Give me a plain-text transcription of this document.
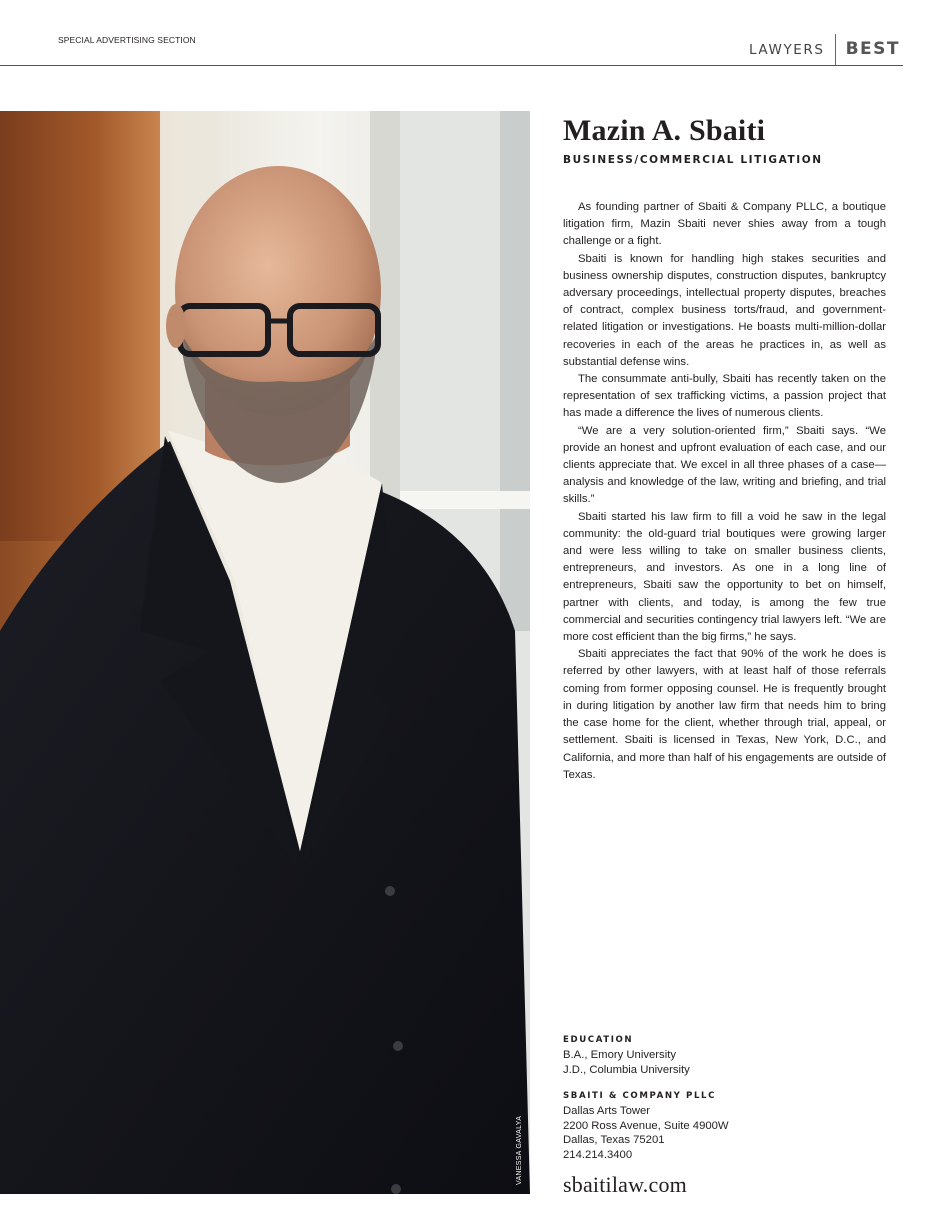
SPECIAL ADVERTISING SECTION
LAWYERS	BEST
VANESSA GAVALYA
Mazin A. Sbaiti
BUSINESS/COMMERCIAL LITIGATION

As founding partner of Sbaiti & Company PLLC, a boutique litigation firm, Mazin Sbaiti never shies away from a tough challenge or a fight.

Sbaiti is known for handling high stakes securities and business ownership disputes, construction disputes, bankruptcy adversary proceedings, intellectual property disputes, breaches of contract, complex business torts/fraud, and government-related litigation or investigations. He boasts multi-million-dollar recoveries in each of the areas he practices in, as well as substantial defense wins.

The consummate anti-bully, Sbaiti has recently taken on the representation of sex trafficking victims, a passion project that has made a difference the lives of numerous clients.

“We are a very solution-oriented firm,” Sbaiti says. “We provide an honest and upfront evaluation of each case, and our clients appreciate that. We excel in all three phases of a case—analysis and knowledge of the law, writing and briefing, and trial skills.”

Sbaiti started his law firm to fill a void he saw in the legal community: the old-guard trial boutiques were growing larger and were less willing to take on smaller business clients, entrepreneurs, and investors. As one in a long line of entrepreneurs, Sbaiti saw the opportunity to bet on himself, partner with clients, and today, is among the few true commercial and securities contingency trial lawyers left. “We are more cost efficient than the big firms,” he says.

Sbaiti appreciates the fact that 90% of the work he does is referred by other lawyers, with at least half of those referrals coming from former opposing counsel. He is frequently brought in during litigation by another law firm that needs him to bring the case home for the client, whether through trial, appeal, or settlement. Sbaiti is licensed in Texas, New York, D.C., and California, and more than half of his engagements are outside of Texas.

EDUCATION
B.A., Emory University
J.D., Columbia University
SBAITI & COMPANY PLLC
Dallas Arts Tower
2200 Ross Avenue, Suite 4900W
Dallas, Texas 75201
214.214.3400
sbaitilaw.com
